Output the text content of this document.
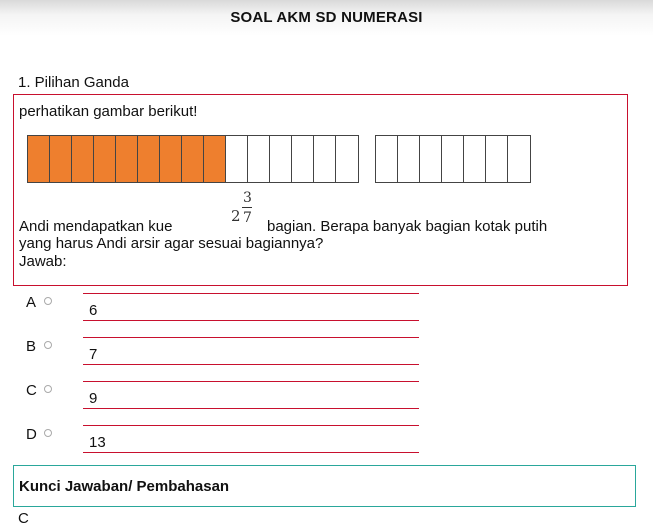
SOAL AKM SD NUMERASI
1. Pilihan Ganda
perhatikan gambar berikut!
Andi mendapatkan kue
2
3
7 bagian. Berapa banyak bagian kotak putih
yang harus Andi arsir agar sesuai bagiannya?
Jawab:
A	6
B	7
C	9
D	13
Kunci Jawaban/ Pembahasan
C
